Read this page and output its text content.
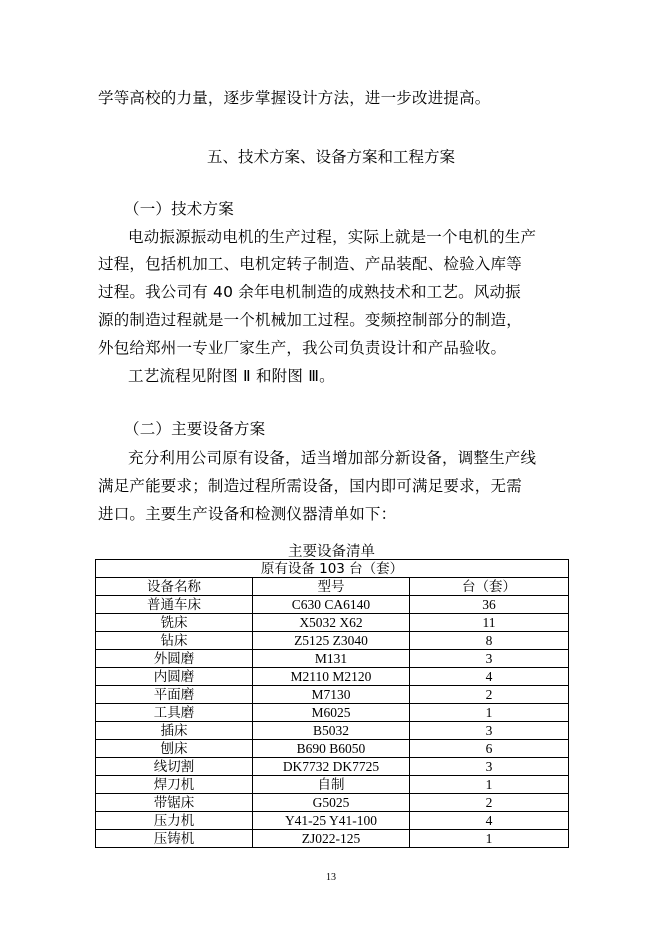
学等高校的力量，逐步掌握设计方法，进一步改进提高。
五、技术方案、设备方案和工程方案
（一）技术方案
电动振源振动电机的生产过程，实际上就是一个电机的生产
过程，包括机加工、电机定转子制造、产品装配、检验入库等
过程。我公司有 40 余年电机制造的成熟技术和工艺。风动振
源的制造过程就是一个机械加工过程。变频控制部分的制造，
外包给郑州一专业厂家生产，我公司负责设计和产品验收。
工艺流程见附图 Ⅱ 和附图 Ⅲ。
（二）主要设备方案
充分利用公司原有设备，适当增加部分新设备，调整生产线
满足产能要求；制造过程所需设备，国内即可满足要求，无需
进口。主要生产设备和检测仪器清单如下：
主要设备清单
原有设备 103 台（套）		
设备名称	型号	台（套）
普通车床	C630 CA6140	36
铣床	X5032 X62	11
钻床	Z5125 Z3040	8
外圆磨	M131	3
内圆磨	M2110 M2120	4
平面磨	M7130	2
工具磨	M6025	1
插床	B5032	3
刨床	B690 B6050	6
线切割	DK7732 DK7725	3
焊刀机	自制	1
带锯床	G5025	2
压力机	Y41-25 Y41-100	4
压铸机	ZJ022-125	1
13
